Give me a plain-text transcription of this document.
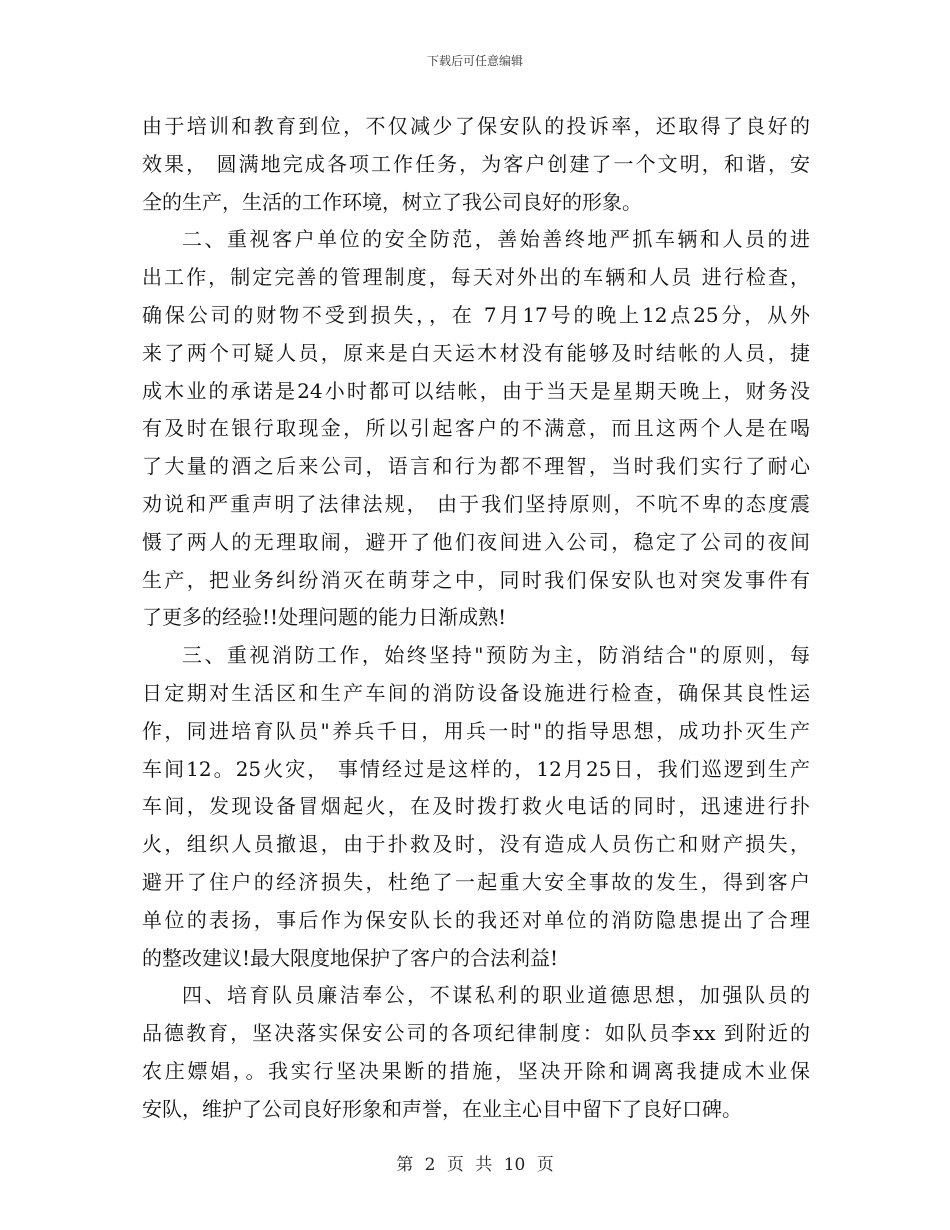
下载后可任意编辑
由于培训和教育到位，不仅减少了保安队的投诉率，还取得了良好的
效果， 圆满地完成各项工作任务，为客户创建了一个文明，和谐，安
全的生产，生活的工作环境，树立了我公司良好的形象。
二、重视客户单位的安全防范，善始善终地严抓车辆和人员的进
出工作，制定完善的管理制度，每天对外出的车辆和人员 进行检查，
确保公司的财物不受到损失，，在 7月17号的晚上12点25分，从外
来了两个可疑人员，原来是白天运木材没有能够及时结帐的人员，捷
成木业的承诺是24小时都可以结帐，由于当天是星期天晚上，财务没
有及时在银行取现金，所以引起客户的不满意，而且这两个人是在喝
了大量的酒之后来公司，语言和行为都不理智，当时我们实行了耐心
劝说和严重声明了法律法规， 由于我们坚持原则，不吭不卑的态度震
慑了两人的无理取闹，避开了他们夜间进入公司，稳定了公司的夜间
生产，把业务纠纷消灭在萌芽之中，同时我们保安队也对突发事件有
了更多的经验!!处理问题的能力日渐成熟!
三、重视消防工作，始终坚持"预防为主，防消结合"的原则，每
日定期对生活区和生产车间的消防设备设施进行检查，确保其良性运
作，同进培育队员"养兵千日，用兵一时"的指导思想，成功扑灭生产
车间12。25火灾， 事情经过是这样的，12月25日，我们巡逻到生产
车间，发现设备冒烟起火，在及时拨打救火电话的同时，迅速进行扑
火，组织人员撤退，由于扑救及时，没有造成人员伤亡和财产损失，
避开了住户的经济损失，杜绝了一起重大安全事故的发生，得到客户
单位的表扬，事后作为保安队长的我还对单位的消防隐患提出了合理
的整改建议!最大限度地保护了客户的合法利益!
四、培育队员廉洁奉公，不谋私利的职业道德思想，加强队员的
品德教育，坚决落实保安公司的各项纪律制度：如队员李xx 到附近的
农庄嫖娼，。我实行坚决果断的措施，坚决开除和调离我捷成木业保
安队，维护了公司良好形象和声誉，在业主心目中留下了良好口碑。
第 2 页 共 10 页
